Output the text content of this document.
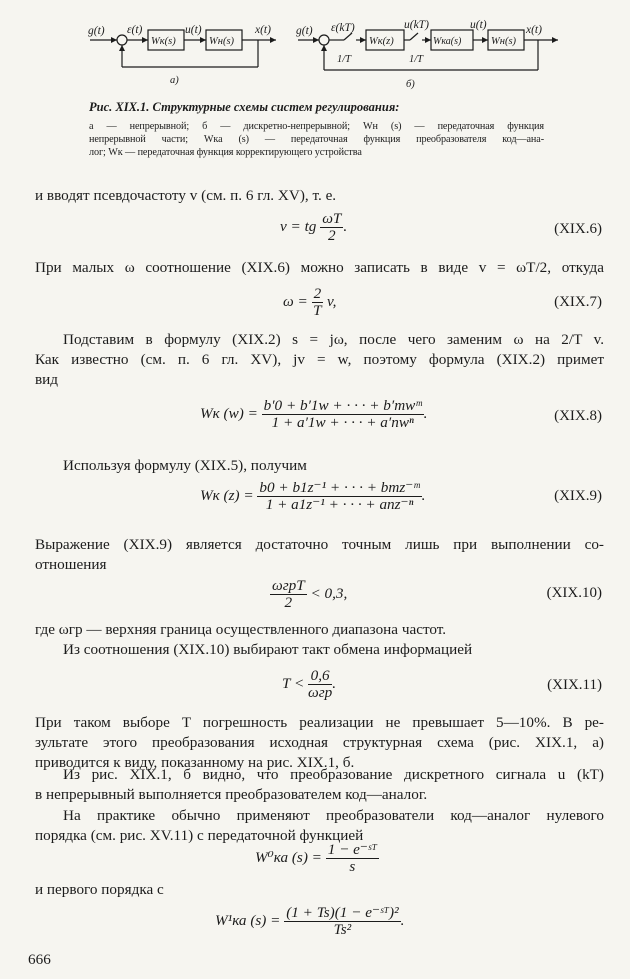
g(t) ε(t)
Wк(s)
u(t)
Wн(s)
x(t)
а)
g(t) ε(kT)
1/T
Wк(z)
u(kT)
1/T
Wка(s)
u(t)
Wн(s)
x(t)
б)
Рис. XIX.1. Структурные схемы систем регулирования:
а — непрерывной; б — дискретно-непрерывной; Wн (s) — передаточная функция
непрерывной части; Wка (s) — передаточная функция преобразователя код—ана-
лог; Wк — передаточная функция корректирующего устройства
и вводят псевдочастоту v (см. п. 6 гл. XV), т. е.
v = tg $\frac{\omega T}{2}$ .	(XIX.6)
При малых ω соотношение (XIX.6) можно записать в виде v = ωT/2, откуда
$\omega = \frac{2}{T} v$,	(XIX.7)
Подставим в формулу (XIX.2) s = jω, после чего заменим ω на 2/T v.
Как известно (см. п. 6 гл. XV), jv = w, поэтому формула (XIX.2) примет
вид
Wк $(w) = \frac{\text{b′0 + b′1w + · · · + b′mwᵐ}}{\text{1 + a′1w + · · · + a′nwⁿ}}$ .	(XIX.8)
Используя формулу (XIX.5), получим
Wк $(z) = \frac{\text{b0 + b1z⁻¹ + · · · + bmz⁻ᵐ}}{\text{1 + a1z⁻¹ + · · · + anz⁻ⁿ}}$ .	(XIX.9)
Выражение (XIX.9) является достаточно точным лишь при выполнении со-
отношения
$\frac{\text{ωгрT}}{2} < 0,3$,	(XIX.10)
где ωгр — верхняя граница осуществленного диапазона частот.
Из соотношения (XIX.10) выбирают такт обмена информацией
$T < \frac{0,6}{\text{ωгр}}$ .	(XIX.11)
При таком выборе T погрешность реализации не превышает 5—10%. В ре-
зультате этого преобразования исходная структурная схема (рис. XIX.1, а)
приводится к виду, показанному на рис. XIX.1, б.
Из рис. XIX.1, б видно, что преобразование дискретного сигнала u (kT)
в непрерывный выполняется преобразователем код—аналог.
На практике обычно применяют преобразователи код—аналог нулевого
порядка (см. рис. XV.11) с передаточной функцией
W⁰ка $(s) = \frac{\text{1 − e⁻ˢᵀ}}{s}$
и первого порядка с
W¹ка $(s) = \frac{\text{(1 + Ts)(1 − e⁻ˢᵀ)²}}{\text{Ts²}}$ .
666
